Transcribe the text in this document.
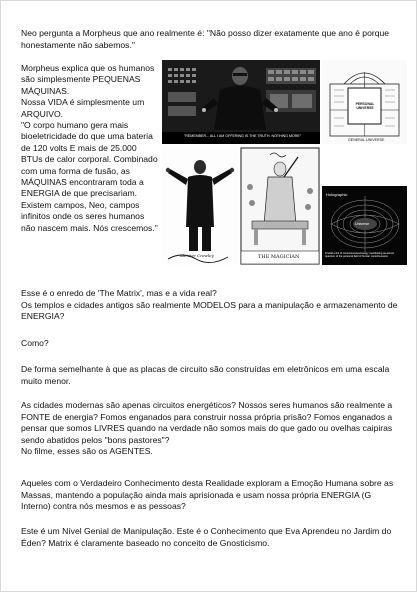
Neo pergunta a Morpheus que ano realmente é: "Não posso dizer exatamente que ano é porque honestamente não sabemos."

Morpheus explica que os humanos são simplesmente PEQUENAS MÁQUINAS.

Nossa VIDA é simplesmente um ARQUIVO.

"O corpo humano gera mais bioeletricidade do que uma bateria de 120 volts E mais de 25.000 BTUs de calor corporal. Combinado com uma forma de fusão, as MÁQUINAS encontraram toda a ENERGIA de que precisariam. Existem campos, Neo, campos infinitos onde os seres humanos não nascem mais. Nós crescemos."

"REMEMBER... ALL I AM OFFERING IS THE TRUTH. NOTHING MORE"
PERSONAL UNIVERSE
GENERAL UNIVERSE
Aleister Crowley	THE MAGICIAN
Holographic
Universe
Fractal units of consciousness/energy manifesting as atomic quantum of the personal field of human consciousness

Esse é o enredo de 'The Matrix', mas e a vida real?

Os templos e cidades antigos são realmente MODELOS para a manipulação e armazenamento de ENERGIA?

Como?

De forma semelhante à que as placas de circuito são construídas em eletrônicos em uma escala muito menor.

As cidades modernas são apenas circuitos energéticos? Nossos seres humanos são realmente a FONTE de energia? Fomos enganados para construir nossa própria prisão? Fomos enganados a pensar que somos LIVRES quando na verdade não somos mais do que gado ou ovelhas caipiras sendo abatidos pelos "bons pastores"?

No filme, esses são os AGENTES.

Aqueles com o Verdadeiro Conhecimento desta Realidade exploram a Emoção Humana sobre as Massas, mantendo a população ainda mais aprisionada e usam nossa própria ENERGIA (G Interno) contra nós mesmos e as pessoas?

Este é um Nível Genial de Manipulação. Este é o Conhecimento que Eva Aprendeu no Jardim do Éden? Matrix é claramente baseado no conceito de Gnosticismo.
